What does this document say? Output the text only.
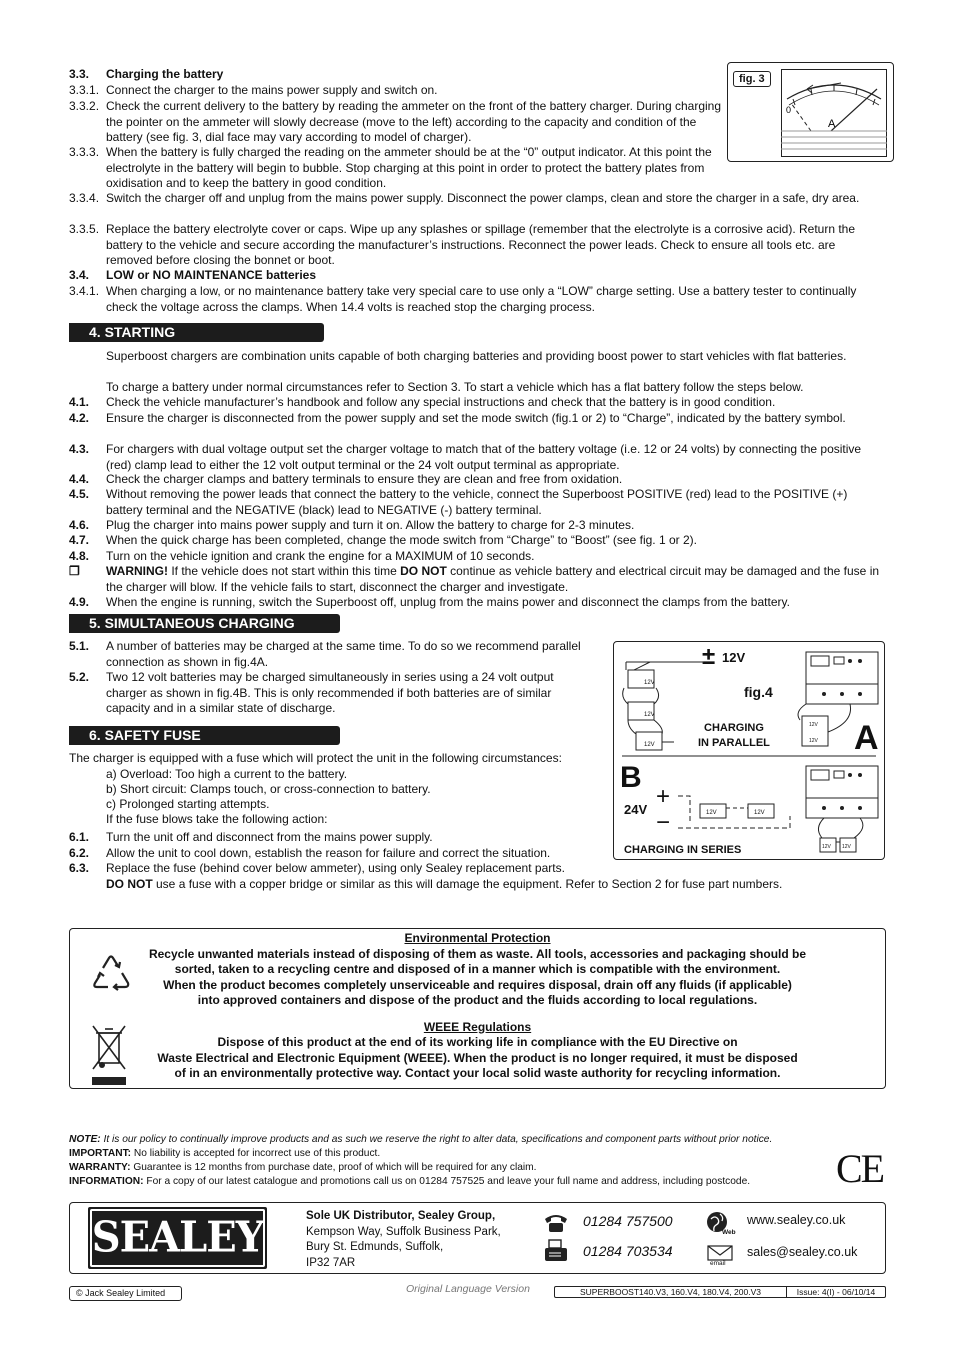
3.3.	Charging the battery
3.3.1. Connect the charger to the mains power supply and switch on.
3.3.2. Check the current delivery to the battery by reading the ammeter on the front of the battery charger. During charging the pointer on the ammeter will slowly decrease (move to the left) according to the capacity and condition of the battery (see fig. 3, dial face may vary according to model of charger).
3.3.3. When the battery is fully charged the reading on the ammeter should be at the “0” output indicator. At this point the electrolyte in the battery will begin to bubble. Stop charging at this point in order to protect the battery plates from oxidisation and to keep the battery in good condition.
3.3.4. Switch the charger off and unplug from the mains power supply. Disconnect the power clamps, clean and store the charger in a safe, dry area.
3.3.5. Replace the battery electrolyte cover or caps. Wipe up any splashes or spillage (remember that the electrolyte is a corrosive acid). Return the battery to the vehicle and secure according the manufacturer’s instructions. Reconnect the power leads. Check to ensure all tools etc. are removed before closing the bonnet or boot.
3.4.	LOW or NO MAINTENANCE batteries
3.4.1. When charging a low, or no maintenance battery take very special care to use only a “LOW” charge setting. Use a battery tester to continually check the voltage across the clamps. When 14.4 volts is reached stop the charging process.
fig. 3
0
A
4. STARTING
Superboost chargers are combination units capable of both charging batteries and providing boost power to start vehicles with flat batteries.
To charge a battery under normal circumstances refer to Section 3. To start a vehicle which has a flat battery follow the steps below.
4.1.	Check the vehicle manufacturer’s handbook and follow any special instructions and check that the battery is in good condition.
4.2.	Ensure the charger is disconnected from the power supply and set the mode switch (fig.1 or 2) to “Charge”, indicated by the battery symbol.
4.3.	For chargers with dual voltage output set the charger voltage to match that of the battery voltage (i.e. 12 or 24 volts) by connecting the positive (red) clamp lead to either the 12 volt output terminal or the 24 volt output terminal as appropriate.
4.4.	Check the charger clamps and battery terminals to ensure they are clean and free from oxidation.
4.5.	Without removing the power leads that connect the battery to the vehicle, connect the Superboost POSITIVE (red) lead to the POSITIVE (+) battery terminal and the NEGATIVE (black) lead to NEGATIVE (-) battery terminal.
4.6.	Plug the charger into mains power supply and turn it on. Allow the battery to charge for 2-3 minutes.
4.7.	When the quick charge has been completed, change the mode switch from “Charge” to “Boost” (see fig. 1 or 2).
4.8.	Turn on the vehicle ignition and crank the engine for a MAXIMUM of 10 seconds.
❐	WARNING! If the vehicle does not start within this time DO NOT continue as vehicle battery and electrical circuit may be damaged and the fuse in the charger will blow. If the vehicle fails to start, disconnect the charger and investigate.
4.9.	When the engine is running, switch the Superboost off, unplug from the mains power and disconnect the clamps from the battery.
5. SIMULTANEOUS CHARGING
5.1.	A number of batteries may be charged at the same time. To do so we recommend parallel connection as shown in fig.4A.
5.2.	Two 12 volt batteries may be charged simultaneously in series using a 24 volt output charger as shown in fig.4B. This is only recommended if both batteries are of similar capacity and in a similar state of discharge.
6. SAFETY FUSE
The charger is equipped with a fuse which will protect the unit in the following circumstances:
a) Overload: Too high a current to the battery.
b) Short circuit: Clamps touch, or cross-connection to battery.
c) Prolonged starting attempts.
If the fuse blows take the following action:
6.1.	Turn the unit off and disconnect from the mains power supply.
6.2.	Allow the unit to cool down, establish the reason for failure and correct the situation.
6.3.	Replace the fuse (behind cover below ammeter), using only Sealey replacement parts.
DO NOT use a fuse with a copper bridge or similar as this will damage the equipment. Refer to Section 2 for fuse part numbers.
± 12V
12V
12V
12V
fig.4
CHARGING
IN PARALLEL
12V
12V A
B
+
−
24V	12V	12V
12V 12V
CHARGING IN SERIES
Environmental Protection
Recycle unwanted materials instead of disposing of them as waste. All tools, accessories and packaging should be
sorted, taken to a recycling centre and disposed of in a manner which is compatible with the environment.
When the product becomes completely unserviceable and requires disposal, drain off any fluids (if applicable)
into approved containers and dispose of the product and the fluids according to local regulations.
WEEE Regulations
Dispose of this product at the end of its working life in compliance with the EU Directive on
Waste Electrical and Electronic Equipment (WEEE). When the product is no longer required, it must be disposed
of in an environmentally protective way. Contact your local solid waste authority for recycling information.
NOTE: It is our policy to continually improve products and as such we reserve the right to alter data, specifications and component parts without prior notice.
IMPORTANT: No liability is accepted for incorrect use of this product.
WARRANTY: Guarantee is 12 months from purchase date, proof of which will be required for any claim.
INFORMATION: For a copy of our latest catalogue and promotions call us on 01284 757525 and leave your full name and address, including postcode.	CE
SEALEY	Sole UK Distributor, Sealey Group,
Kempson Way, Suffolk Business Park,
Bury St. Edmunds, Suffolk,
IP32 7AR
01284 757500
01284 703534
Web
www.sealey.co.uk
email
sales@sealey.co.uk
© Jack Sealey Limited	Original Language Version	SUPERBOOST140.V3, 160.V4, 180.V4, 200.V3	Issue: 4(I) - 06/10/14
